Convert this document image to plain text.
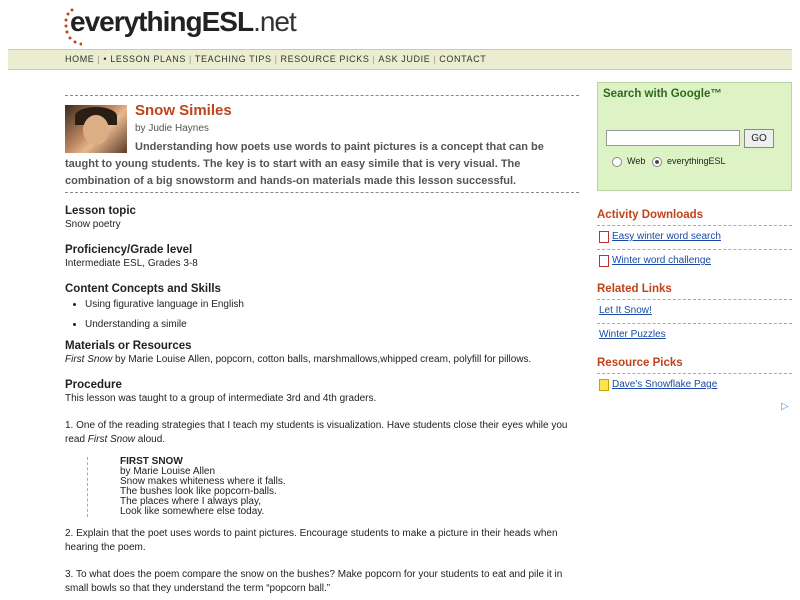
everythingESL.net
HOME | • LESSON PLANS | TEACHING TIPS | RESOURCE PICKS | ASK JUDIE | CONTACT
Snow Similes
by Judie Haynes
Understanding how poets use words to paint pictures is a concept that can be taught to young students. The key is to start with an easy simile that is very visual. The combination of a big snowstorm and hands-on materials made this lesson successful.
Lesson topic

Snow poetry

Proficiency/Grade level

Intermediate ESL, Grades 3-8

Content Concepts and Skills
• Using figurative language in English
• Understanding a simile
Materials or Resources

First Snow by Marie Louise Allen, popcorn, cotton balls, marshmallows,whipped cream, polyfill for pillows.

Procedure

This lesson was taught to a group of intermediate 3rd and 4th graders.

1. One of the reading strategies that I teach my students is visualization. Have students close their eyes while you read First Snow aloud.

FIRST SNOW
by Marie Louise Allen
Snow makes whiteness where it falls.
The bushes look like popcorn-balls.
The places where I always play,
Look like somewhere else today.

2. Explain that the poet uses words to paint pictures. Encourage students to make a picture in their heads when hearing the poem.

3. To what does the poem compare the snow on the bushes? Make popcorn for your students to eat and pile it in small bowls so that they understand the term “popcorn ball.”

Search with Google™
GO
Web	everythingESL
Activity Downloads
Easy winter word search
Winter word challenge
Related Links
Let It Snow!
Winter Puzzles
Resource Picks
Dave's Snowflake Page
▷
